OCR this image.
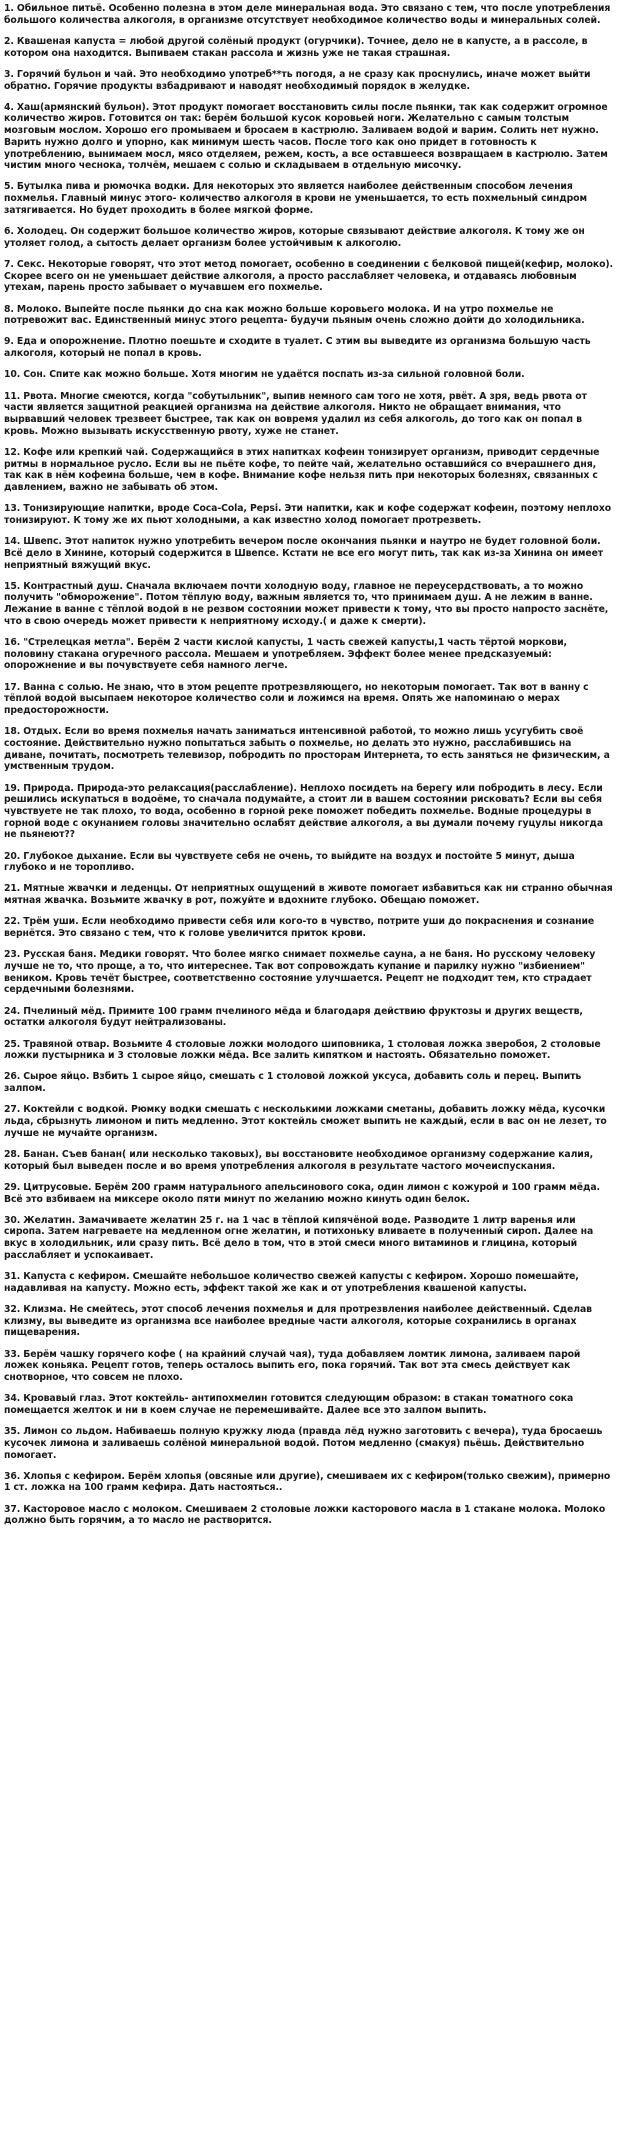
1. Обильное питьё. Особенно полезна в этом деле минеральная вода. Это связано с тем, что после употребления большого количества алкоголя, в организме отсутствует необходимое количество воды и минеральных солей.

2. Квашеная капуста = любой другой солёный продукт (огурчики). Точнее, дело не в капусте, а в рассоле, в котором она находится. Выпиваем стакан рассола и жизнь уже не такая страшная.

3. Горячий бульон и чай. Это необходимо употреб**ть погодя, а не сразу как проснулись, иначе может выйти обратно. Горячие продукты взбадривают и наводят необходимый порядок в желудке.

4. Хаш(армянский бульон). Этот продукт помогает восстановить силы после пьянки, так как содержит огромное количество жиров. Готовится он так: берём большой кусок коровьей ноги. Желательно с самым толстым мозговым мослом. Хорошо его промываем и бросаем в кастрюлю. Заливаем водой и варим. Солить нет нужно. Варить нужно долго и упорно, как минимум шесть часов. После того как оно придет в готовность к употреблению, вынимаем мосл, мясо отделяем, режем, кость, а все оставшееся возвращаем в кастрюлю. Затем чистим много чеснока, толчём, мешаем с солью и складываем в отдельную мисочку.

5. Бутылка пива и рюмочка водки. Для некоторых это является наиболее действенным способом лечения похмелья. Главный минус этого- количество алкоголя в крови не уменьшается, то есть похмельный синдром затягивается. Но будет проходить в более мягкой форме.

6. Холодец. Он содержит большое количество жиров, которые связывают действие алкоголя. К тому же он утоляет голод, а сытость делает организм более устойчивым к алкоголю.

7. Секс. Некоторые говорят, что этот метод помогает, особенно в соединении с белковой пищей(кефир, молоко). Скорее всего он не уменьшает действие алкоголя, а просто расслабляет человека, и отдаваясь любовным утехам, парень просто забывает о мучавшем его похмелье.

8. Молоко. Выпейте после пьянки до сна как можно больше коровьего молока. И на утро похмелье не потревожит вас. Единственный минус этого рецепта- будучи пьяным очень сложно дойти до холодильника.

9. Еда и опорожнение. Плотно поешьте и сходите в туалет. С этим вы выведите из организма большую часть алкоголя, который не попал в кровь.

10. Сон. Спите как можно больше. Хотя многим не удаётся поспать из-за сильной головной боли.

11. Рвота. Многие смеются, когда "собутыльник", выпив немного сам того не хотя, рвёт. А зря, ведь рвота от части является защитной реакцией организма на действие алкоголя. Никто не обращает внимания, что вырвавший человек трезвеет быстрее, так как он вовремя удалил из себя алкоголь, до того как он попал в кровь. Можно вызывать искусственную рвоту, хуже не станет.

12. Кофе или крепкий чай. Содержащийся в этих напитках кофеин тонизирует организм, приводит сердечные ритмы в нормальное русло. Если вы не пьёте кофе, то пейте чай, желательно оставшийся со вчерашнего дня, так как в нём кофеина больше, чем в кофе. Внимание кофе нельзя пить при некоторых болезнях, связанных с давлением, важно не забывать об этом.

13. Тонизирующие напитки, вроде Coca-Cola, Pepsi. Эти напитки, как и кофе содержат кофеин, поэтому неплохо тонизируют. К тому же их пьют холодными, а как известно холод помогает протрезветь.

14. Швепс. Этот напиток нужно употребить вечером после окончания пьянки и наутро не будет головной боли. Всё дело в Хинине, который содержится в Швепсе. Кстати не все его могут пить, так как из-за Хинина он имеет неприятный вяжущий вкус.

15. Контрастный душ. Сначала включаем почти холодную воду, главное не переусердствовать, а то можно получить "обморожение". Потом тёплую воду, важным является то, что принимаем душ. А не лежим в ванне. Лежание в ванне с тёплой водой в не резвом состоянии может привести к тому, что вы просто напросто заснёте, что в свою очередь может привести к неприятному исходу.( и даже к смерти).

16. "Стрелецкая метла". Берём 2 части кислой капусты, 1 часть свежей капусты,1 часть тёртой моркови, половину стакана огуречного рассола. Мешаем и употребляем. Эффект более менее предсказуемый: опорожнение и вы почувствуете себя намного легче.

17. Ванна с солью. Не знаю, что в этом рецепте протрезвляющего, но некоторым помогает. Так вот в ванну с тёплой водой высыпаем некоторое количество соли и ложимся на время. Опять же напоминаю о мерах предосторожности.

18. Отдых. Если во время похмелья начать заниматься интенсивной работой, то можно лишь усугубить своё состояние. Действительно нужно попытаться забыть о похмелье, но делать это нужно, расслабившись на диване, почитать, посмотреть телевизор, побродить по просторам Интернета, то есть заняться не физическим, а умственным трудом.

19. Природа. Природа-это релаксация(расслабление). Неплохо посидеть на берегу или побродить в лесу. Если решились искупаться в водоёме, то сначала подумайте, а стоит ли в вашем состоянии рисковать? Если вы себя чувствуете не так плохо, то вода, особенно в горной реке поможет победить похмелье. Водные процедуры в горной воде с окунанием головы значительно ослабят действие алкоголя, а вы думали почему гуцулы никогда не пьянеют??

20. Глубокое дыхание. Если вы чувствуете себя не очень, то выйдите на воздух и постойте 5 минут, дыша глубоко и не торопливо.

21. Мятные жвачки и леденцы. От неприятных ощущений в животе помогает избавиться как ни странно обычная мятная жвачка. Возьмите жвачку в рот, пожуйте и вдохните глубоко. Обещаю поможет.

22. Трём уши. Если необходимо привести себя или кого-то в чувство, потрите уши до покраснения и сознание вернётся. Это связано с тем, что к голове увеличится приток крови.

23. Русская баня. Медики говорят. Что более мягко снимает похмелье сауна, а не баня. Но русскому человеку лучше не то, что проще, а то, что интереснее. Так вот сопровождать купание и парилку нужно "избиением" веником. Кровь течёт быстрее, соответственно состояние улучшается. Рецепт не подходит тем, кто страдает сердечными болезнями.

24. Пчелиный мёд. Примите 100 грамм пчелиного мёда и благодаря действию фруктозы и других веществ, остатки алкоголя будут нейтрализованы.

25. Травяной отвар. Возьмите 4 столовые ложки молодого шиповника, 1 столовая ложка зверобоя, 2 столовые ложки пустырника и 3 столовые ложки мёда. Все залить кипятком и настоять. Обязательно поможет.

26. Сырое яйцо. Взбить 1 сырое яйцо, смешать с 1 столовой ложкой уксуса, добавить соль и перец. Выпить залпом.

27. Коктейли с водкой. Рюмку водки смешать с несколькими ложками сметаны, добавить ложку мёда, кусочки льда, сбрызнуть лимоном и пить медленно. Этот коктейль сможет выпить не каждый, если в вас он не лезет, то лучше не мучайте организм.

28. Банан. Съев банан( или несколько таковых), вы восстановите необходимое организму содержание калия, который был выведен после и во время употребления алкоголя в результате частого мочеиспускания.

29. Цитрусовые. Берём 200 грамм натурального апельсинового сока, один лимон с кожурой и 100 грамм мёда. Всё это взбиваем на миксере около пяти минут по желанию можно кинуть один белок.

30. Желатин. Замачиваете желатин 25 г. на 1 час в тёплой кипячёной воде. Разводите 1 литр варенья или сиропа. Затем нагреваете на медленном огне желатин, и потихоньку вливаете в полученный сироп. Далее на вкус в холодильник, или сразу пить. Всё дело в том, что в этой смеси много витаминов и глицина, который расслабляет и успокаивает.

31. Капуста с кефиром. Смешайте небольшое количество свежей капусты с кефиром. Хорошо помешайте, надавливая на капусту. Можно есть, эффект такой же как и от употребления квашеной капусты.

32. Клизма. Не смейтесь, этот способ лечения похмелья и для протрезвления наиболее действенный. Сделав клизму, вы выведите из организма все наиболее вредные части алкоголя, которые сохранились в органах пищеварения.

33. Берём чашку горячего кофе ( на крайний случай чая), туда добавляем ломтик лимона, заливаем парой ложек коньяка. Рецепт готов, теперь осталось выпить его, пока горячий. Так вот эта смесь действует как снотворное, что совсем не плохо.

34. Кровавый глаз. Этот коктейль- антипохмелин готовится следующим образом: в стакан томатного сока помещается желток и ни в коем случае не перемешивайте. Далее все это залпом выпить.

35. Лимон со льдом. Набиваешь полную кружку люда (правда лёд нужно заготовить с вечера), туда бросаешь кусочек лимона и заливаешь солёной минеральной водой. Потом медленно (смакуя) пьёшь. Действительно помогает.

36. Хлопья с кефиром. Берём хлопья (овсяные или другие), смешиваем их с кефиром(только свежим), примерно 1 ст. ложка на 100 грамм кефира. Дать настояться..

37. Касторовое масло с молоком. Смешиваем 2 столовые ложки касторового масла в 1 стакане молока. Молоко должно быть горячим, а то масло не растворится.
